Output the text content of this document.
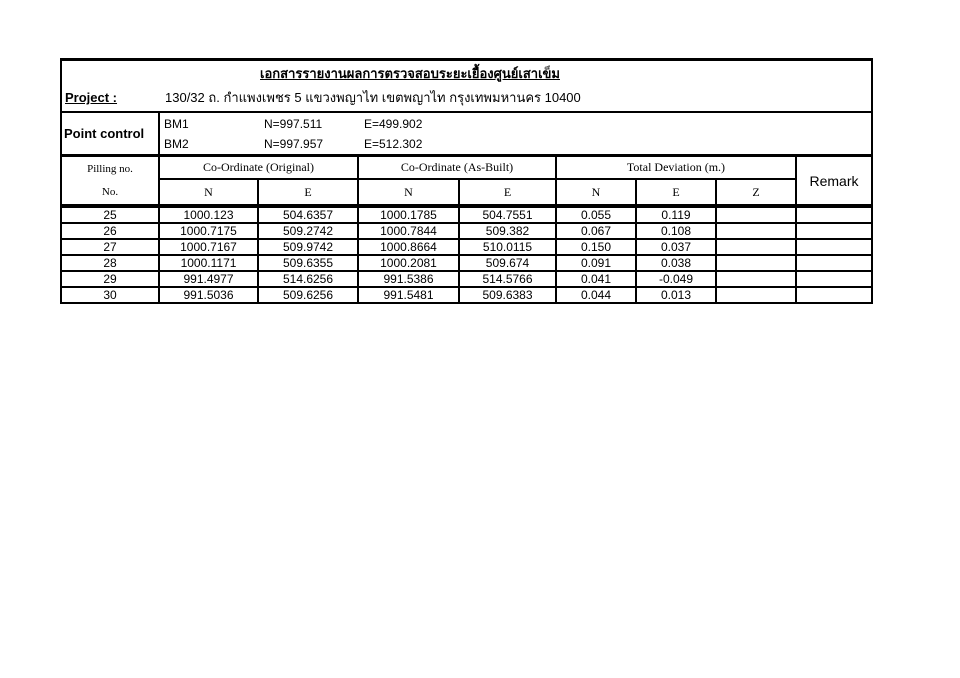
เอกสารรายงานผลการตรวจสอบระยะเยื้องศูนย์เสาเข็ม
Project :	130/32 ถ. กำแพงเพชร 5 แขวงพญาไท เขตพญาไท กรุงเทพมหานคร 10400
Point control
BM1	N=997.511	E=499.902
BM2	N=997.957	E=512.302
Pilling no.
No.
Co-Ordinate (Original)	Co-Ordinate (As-Built)	Total Deviation (m.)
Remark
N	E	N	E	N	E	Z
25	1000.123	504.6357	1000.1785	504.7551	0.055	0.119
26	1000.7175	509.2742	1000.7844	509.382	0.067	0.108
27	1000.7167	509.9742	1000.8664	510.0115	0.150	0.037
28	1000.1171	509.6355	1000.2081	509.674	0.091	0.038
29	991.4977	514.6256	991.5386	514.5766	0.041	-0.049
30	991.5036	509.6256	991.5481	509.6383	0.044	0.013
